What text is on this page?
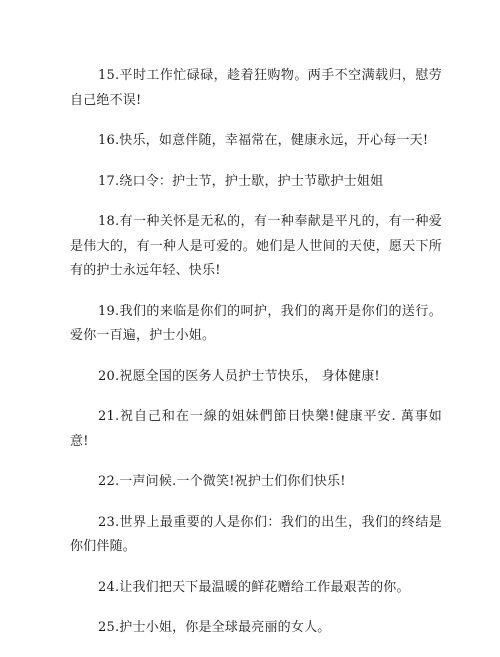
15.平时工作忙碌碌，趁着狂购物。两手不空满载归，慰劳自己绝不误!

16.快乐，如意伴随，幸福常在，健康永远，开心每一天!

17.绕口令：护士节，护士歇，护士节歇护士姐姐

18.有一种关怀是无私的，有一种奉献是平凡的，有一种爱是伟大的，有一种人是可爱的。她们是人世间的天使，愿天下所有的护士永远年轻、快乐!

19.我们的来临是你们的呵护，我们的离开是你们的送行。爱你一百遍，护士小姐。

20.祝愿全国的医务人员护士节快乐， 身体健康!

21.祝自己和在一線的姐妹們節日快樂!健康平安. 萬事如意!

22.一声问候.一个微笑!祝护士们你们快乐!

23.世界上最重要的人是你们：我们的出生，我们的终结是你们伴随。

24.让我们把天下最温暖的鲜花赠给工作最艰苦的你。

25.护士小姐，你是全球最亮丽的女人。
